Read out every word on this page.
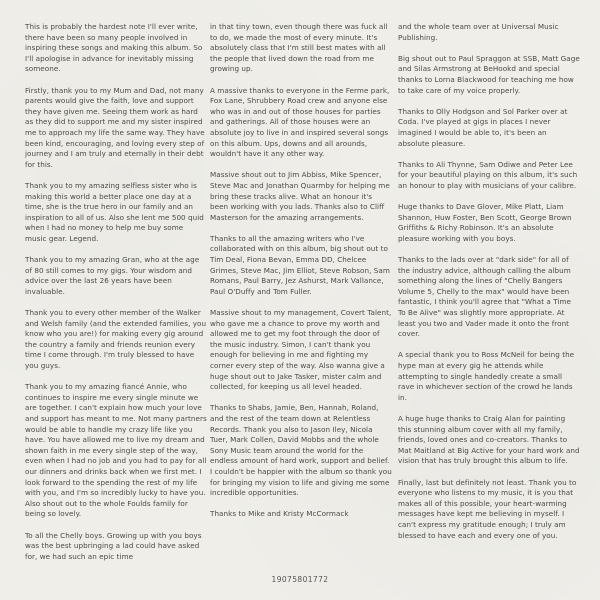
This is probably the hardest note I'll ever write, there have been so many people involved in inspiring these songs and making this album. So I'll apologise in advance for inevitably missing someone.

Firstly, thank you to my Mum and Dad, not many parents would give the faith, love and support they have given me. Seeing them work as hard as they did to support me and my sister inspired me to approach my life the same way. They have been kind, encouraging, and loving every step of journey and I am truly and eternally in their debt for this.

Thank you to my amazing selfless sister who is making this world a better place one day at a time, she is the true hero in our family and an inspiration to all of us. Also she lent me 500 quid when I had no money to help me buy some music gear. Legend.

Thank you to my amazing Gran, who at the age of 80 still comes to my gigs. Your wisdom and advice over the last 26 years have been invaluable.

Thank you to every other member of the Walker and Welsh family (and the extended families, you know who you are!) for making every gig around the country a family and friends reunion every time I come through. I'm truly blessed to have you guys.

Thank you to my amazing fiancé Annie, who continues to inspire me every single minute we are together. I can't explain how much your love and support has meant to me. Not many partners would be able to handle my crazy life like you have. You have allowed me to live my dream and shown faith in me every single step of the way, even when I had no job and you had to pay for all our dinners and drinks back when we first met. I look forward to the spending the rest of my life with you, and I'm so incredibly lucky to have you. Also shout out to the whole Foulds family for being so lovely.

To all the Chelly boys. Growing up with you boys was the best upbringing a lad could have asked for, we had such an epic time

in that tiny town, even though there was fuck all to do, we made the most of every minute. It's absolutely class that I'm still best mates with all the people that lived down the road from me growing up.

A massive thanks to everyone in the Ferme park, Fox Lane, Shrubbery Road crew and anyone else who was in and out of those houses for parties and gatherings. All of those houses were an absolute joy to live in and inspired several songs on this album. Ups, downs and all arounds, wouldn't have it any other way.

Massive shout out to Jim Abbiss, Mike Spencer, Steve Mac and Jonathan Quarmby for helping me bring these tracks alive. What an honour it's been working with you lads. Thanks also to Cliff Masterson for the amazing arrangements.

Thanks to all the amazing writers who I've collaborated with on this album, big shout out to Tim Deal, Fiona Bevan, Emma DD, Chelcee Grimes, Steve Mac, Jim Elliot, Steve Robson, Sam Romans, Paul Barry, Jez Ashurst, Mark Vallance, Paul O'Duffy and Tom Fuller.

Massive shout to my management, Covert Talent, who gave me a chance to prove my worth and allowed me to get my foot through the door of the music industry. Simon, I can't thank you enough for believing in me and fighting my corner every step of the way. Also wanna give a huge shout out to Jake Tasker, mister calm and collected, for keeping us all level headed.

Thanks to Shabs, Jamie, Ben, Hannah, Roland, and the rest of the team down at Relentless Records. Thank you also to Jason Iley, Nicola Tuer, Mark Collen, David Mobbs and the whole Sony Music team around the world for the endless amount of hard work, support and belief. I couldn't be happier with the album so thank you for bringing my vision to life and giving me some incredible opportunities.

Thanks to Mike and Kristy McCormack

and the whole team over at Universal Music Publishing.

Big shout out to Paul Spraggon at SSB, Matt Gage and Silas Armstrong at BeHookd and special thanks to Lorna Blackwood for teaching me how to take care of my voice properly.

Thanks to Olly Hodgson and Sol Parker over at Coda. I've played at gigs in places I never imagined I would be able to, it's been an absolute pleasure.

Thanks to Ali Thynne, Sam Odiwe and Peter Lee for your beautiful playing on this album, it's such an honour to play with musicians of your calibre.

Huge thanks to Dave Glover, Mike Platt, Liam Shannon, Huw Foster, Ben Scott, George Brown Griffiths & Richy Robinson. It's an absolute pleasure working with you boys.

Thanks to the lads over at "dark side" for all of the industry advice, although calling the album something along the lines of "Chelly Bangers Volume 5, Chelly to the max" would have been fantastic, I think you'll agree that "What a Time To Be Alive" was slightly more appropriate. At least you two and Vader made it onto the front cover.

A special thank you to Ross McNeil for being the hype man at every gig he attends while attempting to single handedly create a small rave in whichever section of the crowd he lands in.

A huge huge thanks to Craig Alan for painting this stunning album cover with all my family, friends, loved ones and co-creators. Thanks to Mat Maitland at Big Active for your hard work and vision that has truly brought this album to life.

Finally, last but definitely not least. Thank you to everyone who listens to my music, it is you that makes all of this possible, your heart-warming messages have kept me believing in myself. I can't express my gratitude enough; I truly am blessed to have each and every one of you.

19075801772
